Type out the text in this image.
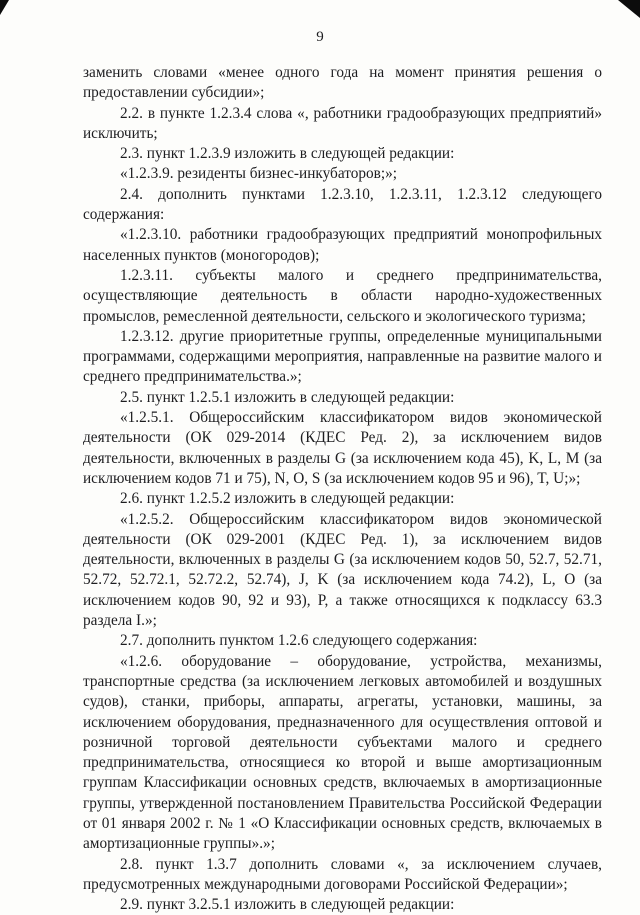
9

заменить словами «менее одного года на момент принятия решения о предоставлении субсидии»;

2.2. в пункте 1.2.3.4 слова «, работники градообразующих предприятий» исключить;

2.3. пункт 1.2.3.9 изложить в следующей редакции:

«1.2.3.9. резиденты бизнес-инкубаторов;»;

2.4. дополнить пунктами 1.2.3.10, 1.2.3.11, 1.2.3.12 следующего содержания:

«1.2.3.10. работники градообразующих предприятий монопрофильных населенных пунктов (моногородов);

1.2.3.11. субъекты малого и среднего предпринимательства, осуществляющие деятельность в области народно-художественных промыслов, ремесленной деятельности, сельского и экологического туризма;

1.2.3.12. другие приоритетные группы, определенные муниципальными программами, содержащими мероприятия, направленные на развитие малого и среднего предпринимательства.»;

2.5. пункт 1.2.5.1 изложить в следующей редакции:

«1.2.5.1. Общероссийским классификатором видов экономической деятельности (ОК 029-2014 (КДЕС Ред. 2), за исключением видов деятельности, включенных в разделы G (за исключением кода 45), K, L, M (за исключением кодов 71 и 75), N, O, S (за исключением кодов 95 и 96), T, U;»;

2.6. пункт 1.2.5.2 изложить в следующей редакции:

«1.2.5.2. Общероссийским классификатором видов экономической деятельности (ОК 029-2001 (КДЕС Ред. 1), за исключением видов деятельности, включенных в разделы G (за исключением кодов 50, 52.7, 52.71, 52.72, 52.72.1, 52.72.2, 52.74), J, K (за исключением кода 74.2), L, O (за исключением кодов 90, 92 и 93), P, а также относящихся к подклассу 63.3 раздела I.»;

2.7. дополнить пунктом 1.2.6 следующего содержания:

«1.2.6. оборудование – оборудование, устройства, механизмы, транспортные средства (за исключением легковых автомобилей и воздушных судов), станки, приборы, аппараты, агрегаты, установки, машины, за исключением оборудования, предназначенного для осуществления оптовой и розничной торговой деятельности субъектами малого и среднего предпринимательства, относящиеся ко второй и выше амортизационным группам Классификации основных средств, включаемых в амортизационные группы, утвержденной постановлением Правительства Российской Федерации от 01 января 2002 г. № 1 «О Классификации основных средств, включаемых в амортизационные группы».»;

2.8. пункт 1.3.7 дополнить словами «, за исключением случаев, предусмотренных международными договорами Российской Федерации»;

2.9. пункт 3.2.5.1 изложить в следующей редакции:
